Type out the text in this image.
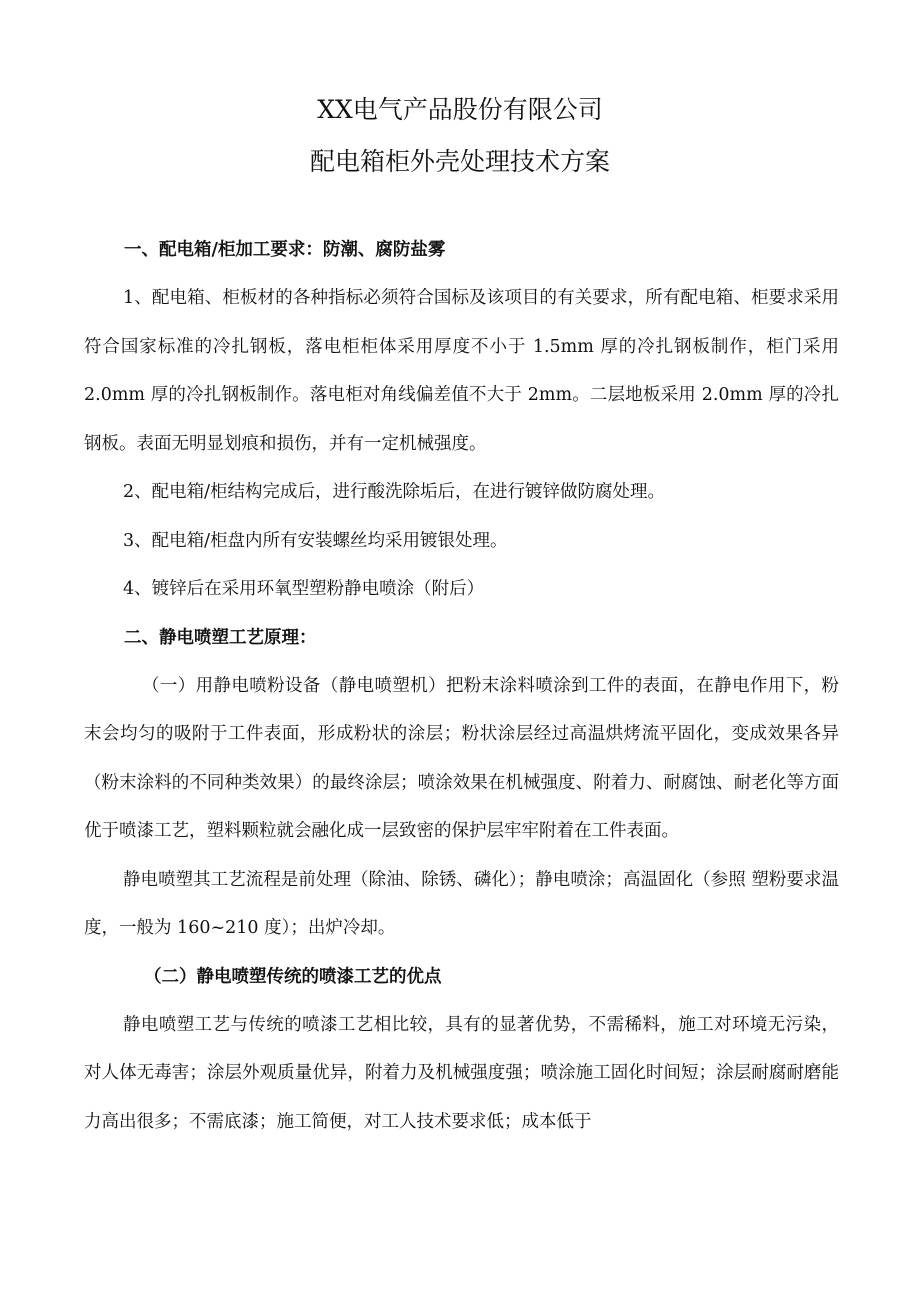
XX电气产品股份有限公司
配电箱柜外壳处理技术方案
一、配电箱/柜加工要求：防潮、腐防盐雾

1、配电箱、柜板材的各种指标必须符合国标及该项目的有关要求，所有配电箱、柜要求采用符合国家标准的冷扎钢板，落电柜柜体采用厚度不小于 1.5mm 厚的冷扎钢板制作，柜门采用 2.0mm 厚的冷扎钢板制作。落电柜对角线偏差值不大于 2mm。二层地板采用 2.0mm 厚的冷扎钢板。表面无明显划痕和损伤，并有一定机械强度。

2、配电箱/柜结构完成后，进行酸洗除垢后，在进行镀锌做防腐处理。

3、配电箱/柜盘内所有安装螺丝均采用镀银处理。

4、镀锌后在采用环氧型塑粉静电喷涂（附后）

二、静电喷塑工艺原理：

（一）用静电喷粉设备（静电喷塑机）把粉末涂料喷涂到工件的表面，在静电作用下，粉末会均匀的吸附于工件表面，形成粉状的涂层；粉状涂层经过高温烘烤流平固化，变成效果各异（粉末涂料的不同种类效果）的最终涂层；喷涂效果在机械强度、附着力、耐腐蚀、耐老化等方面优于喷漆工艺，塑料颗粒就会融化成一层致密的保护层牢牢附着在工件表面。

静电喷塑其工艺流程是前处理（除油、除锈、磷化）；静电喷涂；高温固化（参照 塑粉要求温度，一般为 160~210 度）；出炉冷却。

（二）静电喷塑传统的喷漆工艺的优点

静电喷塑工艺与传统的喷漆工艺相比较，具有的显著优势，不需稀料，施工对环境无污染，对人体无毒害；涂层外观质量优异，附着力及机械强度强；喷涂施工固化时间短；涂层耐腐耐磨能力高出很多；不需底漆；施工简便，对工人技术要求低；成本低于
